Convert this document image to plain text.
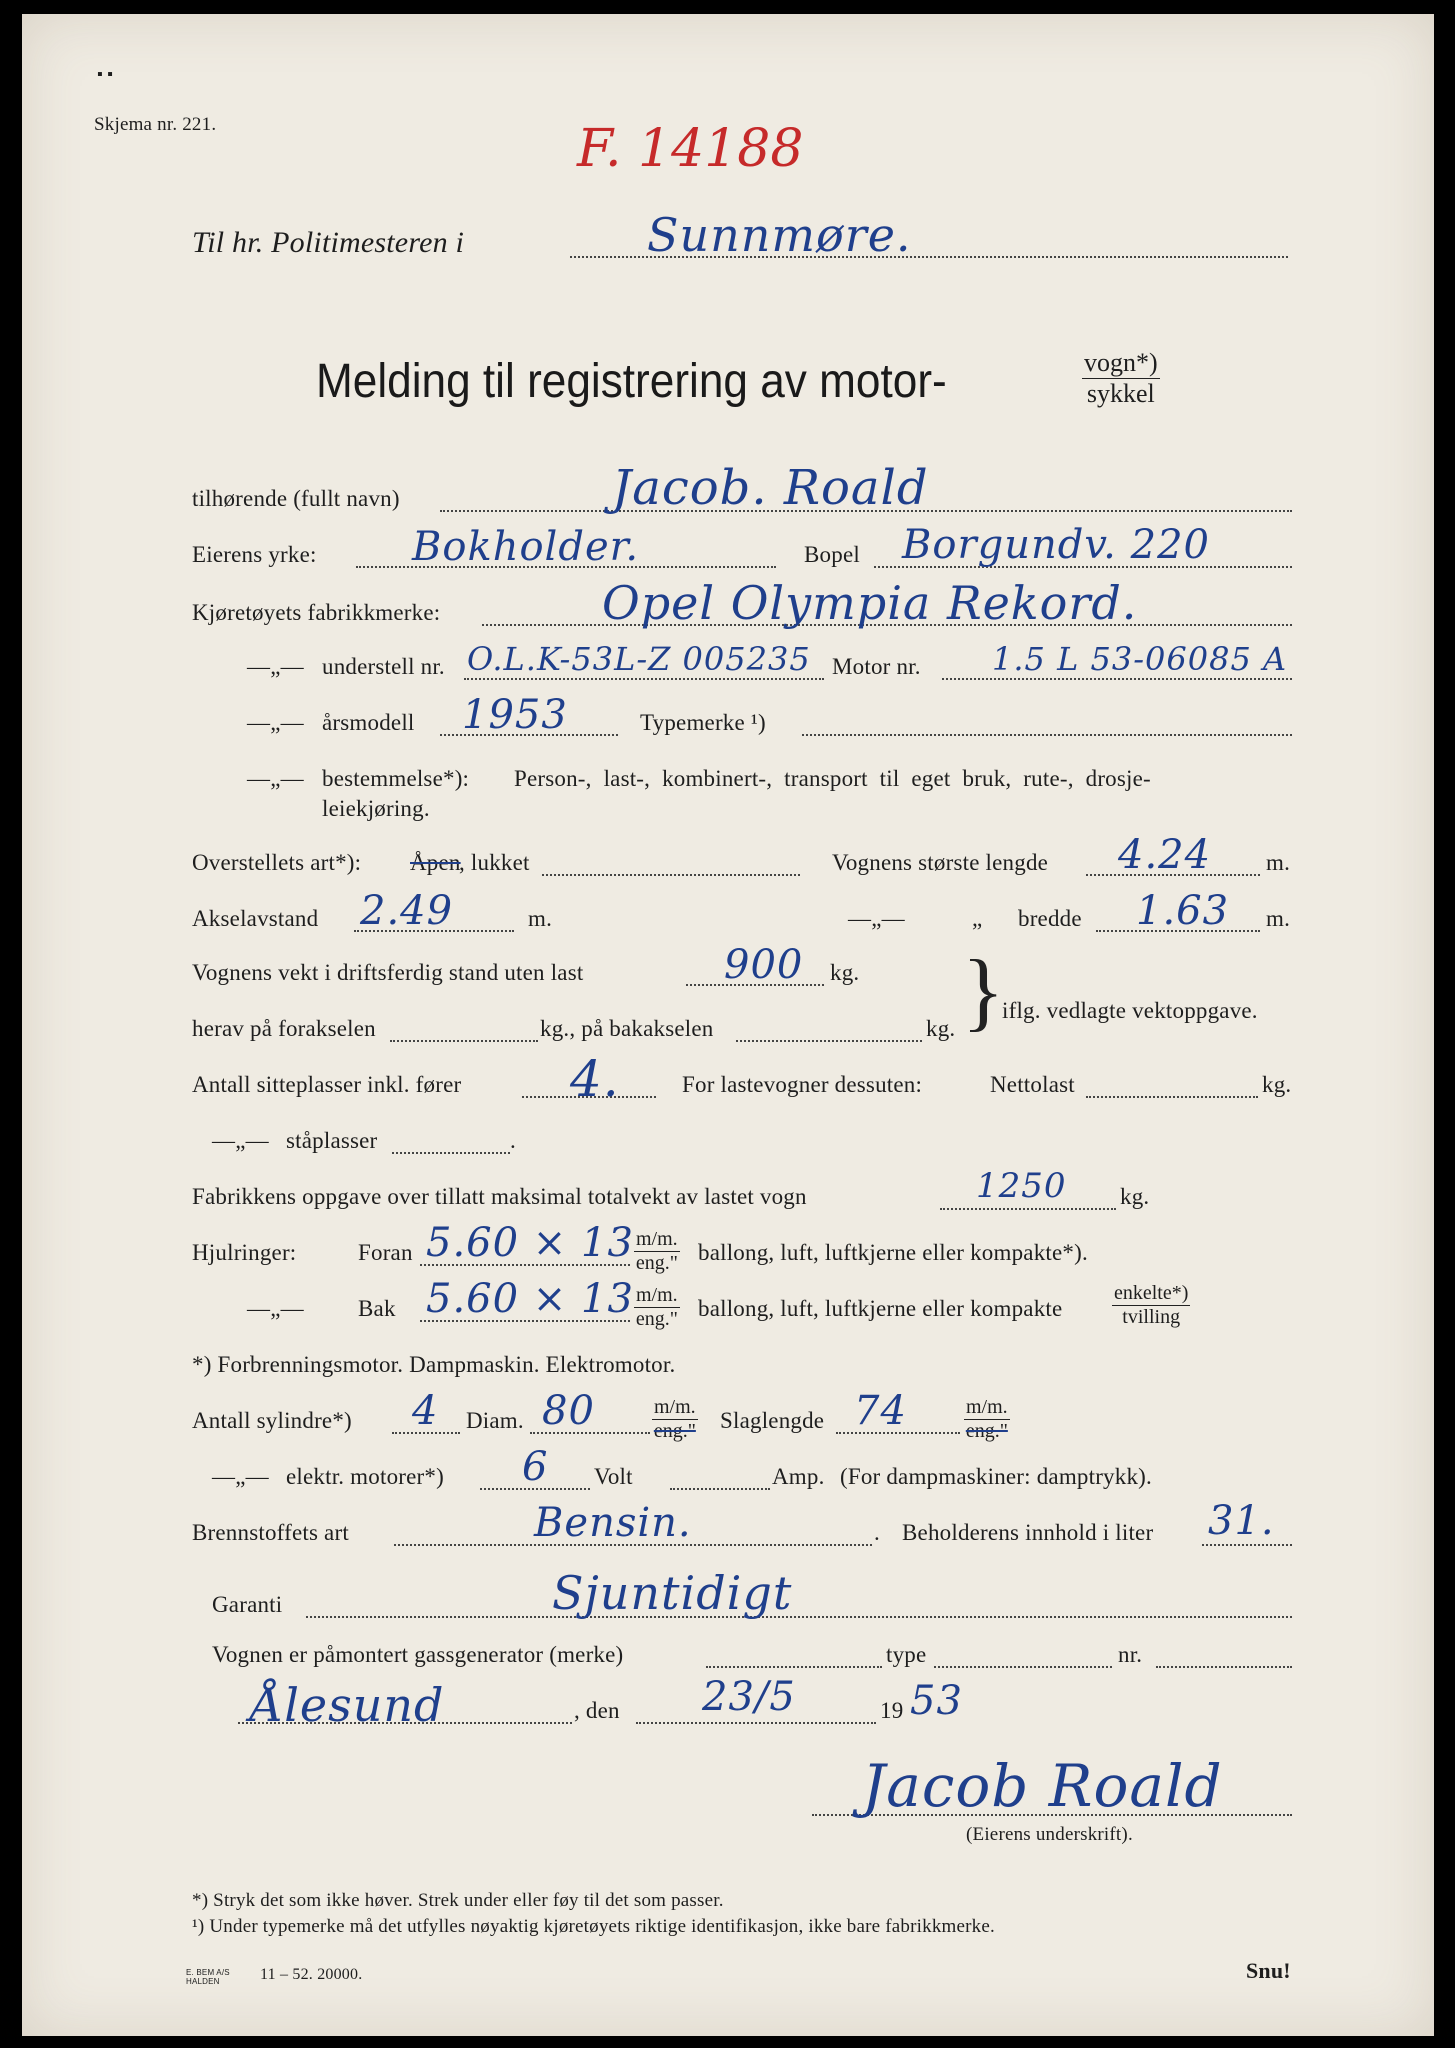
▪ ▪
Skjema nr. 221.	F. 14188
Til hr. Politimesteren i	Sunnmøre.
Melding til registrering av motor-	vogn*)
sykkel
tilhørende (fullt navn)	Jacob. Roald
Eierens yrke: Bokholder.	Bopel Borgundv. 220
Kjøretøyets fabrikkmerke:	Opel Olympia Rekord.
—„— understell nr. O.L.K-53L-Z 005235 Motor nr. 1.5 L 53-06085 A
—„— årsmodell 1953	Typemerke ¹)
—„— bestemmelse*): Person-, last-, kombinert-, transport til eget bruk, rute-, drosje-
leiekjøring.
Overstellets art*): Åpen
, lukket	Vognens største lengde 4.24 m.
Akselavstand 2.49	m.	—„—	„ bredde 1.63 m.
Vognens vekt i driftsferdig stand uten last	900 kg. }
iflg. vedlagte vektoppgave.
herav på forakselen	kg., på bakakselen	kg.
Antall sitteplasser inkl. fører 4.	For lastevogner dessuten:	Nettolast	kg.
—„— ståplasser	.
Fabrikkens oppgave over tillatt maksimal totalvekt av lastet vogn	1250 kg.
Hjulringer:	Foran 5.60 × 13 m/m.
eng." ballong, luft, luftkjerne eller kompakte*).
—„— Bak 5.60 × 13 m/m.
eng." ballong, luft, luftkjerne eller kompakte
enkelte*)
tvilling
*) Forbrenningsmotor. Dampmaskin. Elektromotor.
Antall sylindre*) 4 Diam. 80	m/m.
eng." Slaglengde 74	m/m.
eng."
—„— elektr. motorer*) 6 Volt	Amp. (For dampmaskiner: damptrykk).
Brennstoffets art	Bensin.	. Beholderens innhold i liter 31.
Garanti	Sjuntidigt
Vognen er påmontert gassgenerator (merke)	type	nr.
Ålesund	, den 23/5	19 53

Jacob Roald
(Eierens underskrift).
*) Stryk det som ikke høver. Strek under eller føy til det som passer.
¹) Under typemerke må det utfylles nøyaktig kjøretøyets riktige identifikasjon, ikke bare fabrikkmerke.
E. BEM A/S
HALDEN	11 – 52. 20000.	Snu!
